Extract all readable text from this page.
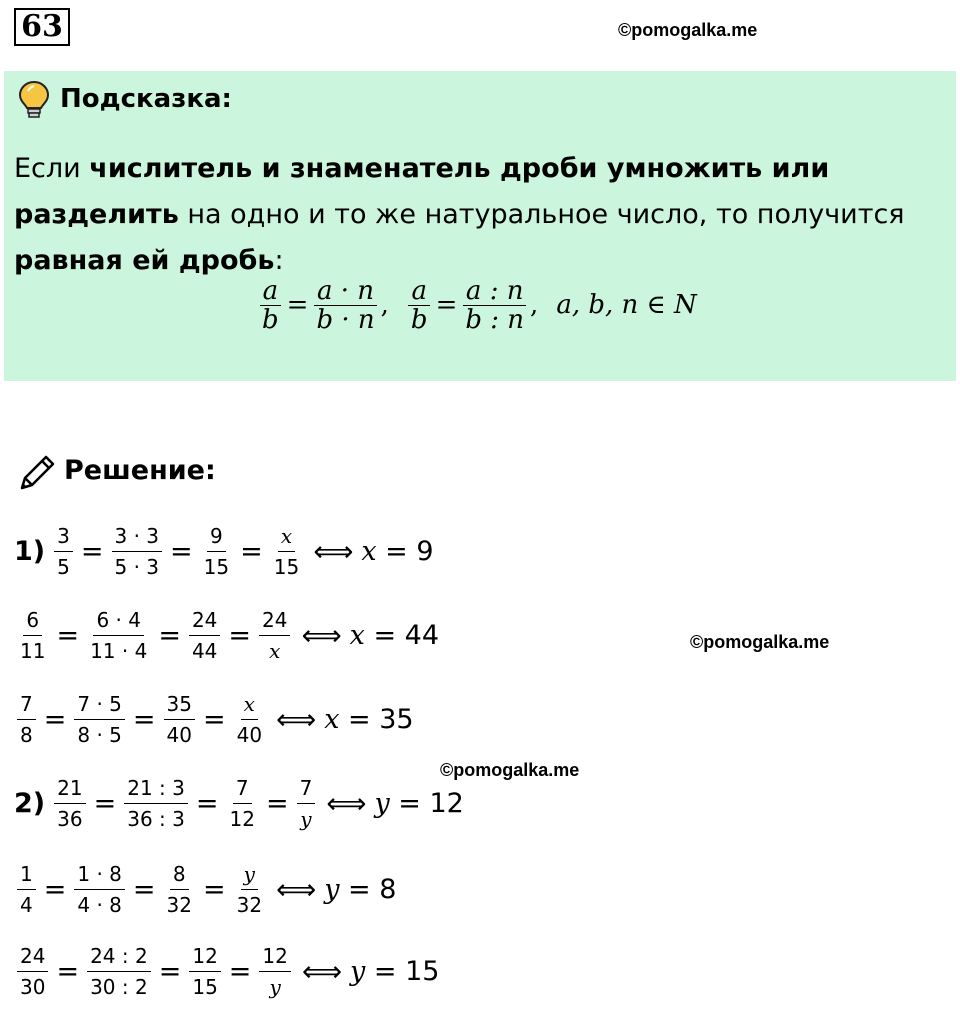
63	©pomogalka.me
Подсказка:
Если числитель и знаменатель дроби умножить или разделить на одно и то же натуральное число, то получится равная ей дробь:
$\frac{a}{b} = \frac{a \cdot n}{b \cdot n}$ , $\frac{a}{b} = \frac{a : n}{b : n}$ , a, b, n ∈ N
Решение:
©pomogalka.me
©pomogalka.me
$1) \frac{3}{5} = \frac{3 \cdot 3}{5 \cdot 3} = \frac{9}{15} = \frac{x}{15}$ ⟺ x = 9
$\frac{6}{11} = \frac{6 \cdot 4}{11 \cdot 4} = \frac{24}{44} = \frac{24}{x}$ ⟺ x = 44
$\frac{7}{8} = \frac{7 \cdot 5}{8 \cdot 5} = \frac{35}{40} = \frac{x}{40}$ ⟺ x = 35
$2) \frac{21}{36} = \frac{21 : 3}{36 : 3} = \frac{7}{12} = \frac{7}{y}$ ⟺ y = 12
$\frac{1}{4} = \frac{1 \cdot 8}{4 \cdot 8} = \frac{8}{32} = \frac{y}{32}$ ⟺ y = 8
$\frac{24}{30} = \frac{24 : 2}{30 : 2} = \frac{12}{15} = \frac{12}{y}$ ⟺ y = 15
